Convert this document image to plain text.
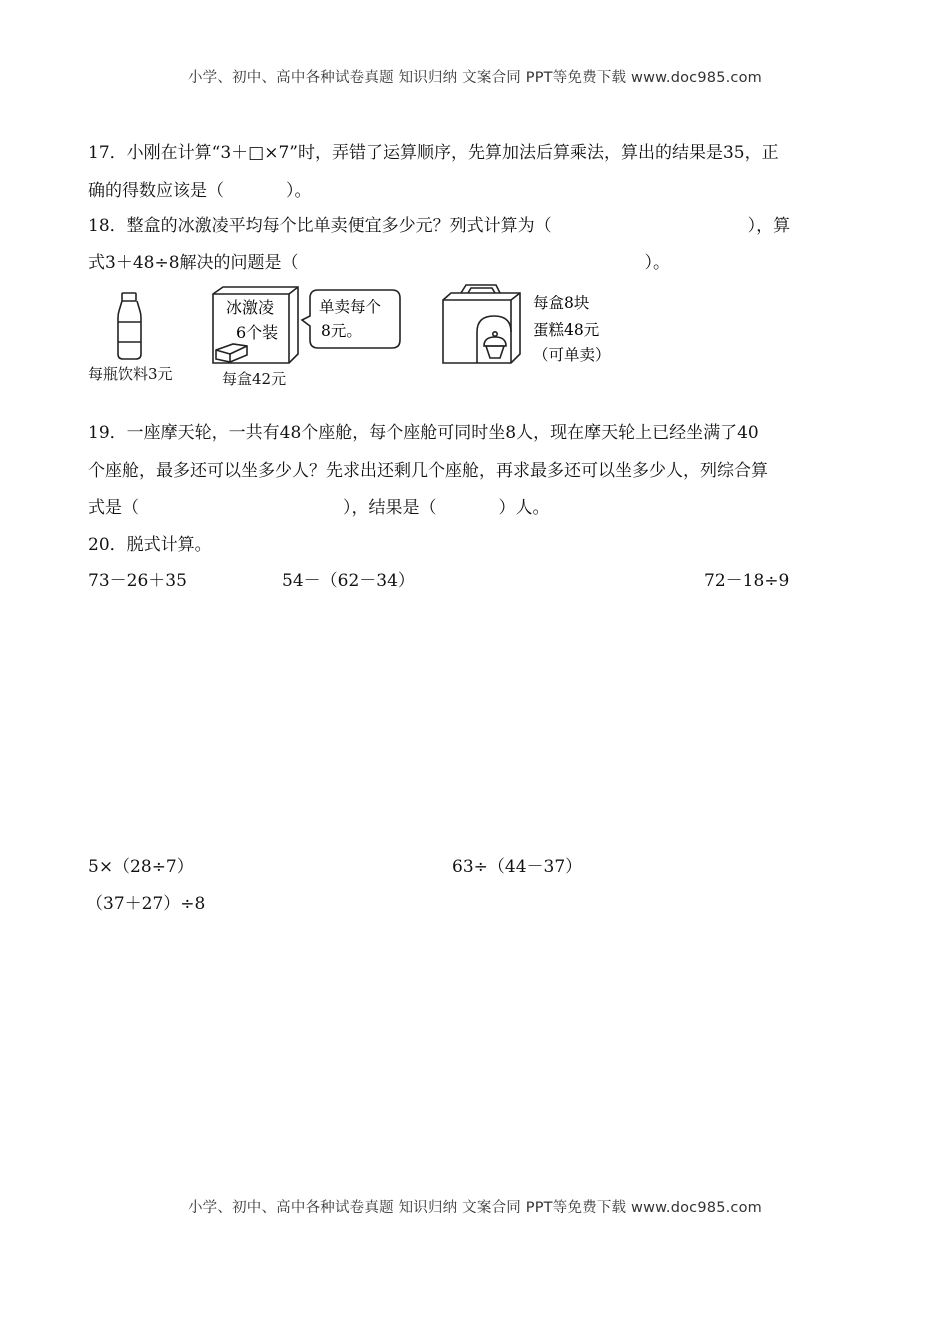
小学、初中、高中各种试卷真题 知识归纳 文案合同 PPT等免费下载 www.doc985.com
17．小刚在计算“3＋□×7”时，弄错了运算顺序，先算加法后算乘法，算出的结果是35，正
确的得数应该是（	）。
18．整盒的冰激凌平均每个比单卖便宜多少元？列式计算为（	），算
式3＋48÷8解决的问题是（	）。
冰激凌
6个装
单卖每个
8元。
每盒8块
蛋糕48元
（可单卖）
每瓶饮料3元	每盒42元
19．一座摩天轮，一共有48个座舱，每个座舱可同时坐8人，现在摩天轮上已经坐满了40
个座舱，最多还可以坐多少人？先求出还剩几个座舱，再求最多还可以坐多少人，列综合算
式是（	），结果是（	）人。
20．脱式计算。
73－26＋35	54－（62－34）	72－18÷9
5×（28÷7）	63÷（44－37）
（37＋27）÷8
小学、初中、高中各种试卷真题 知识归纳 文案合同 PPT等免费下载 www.doc985.com
